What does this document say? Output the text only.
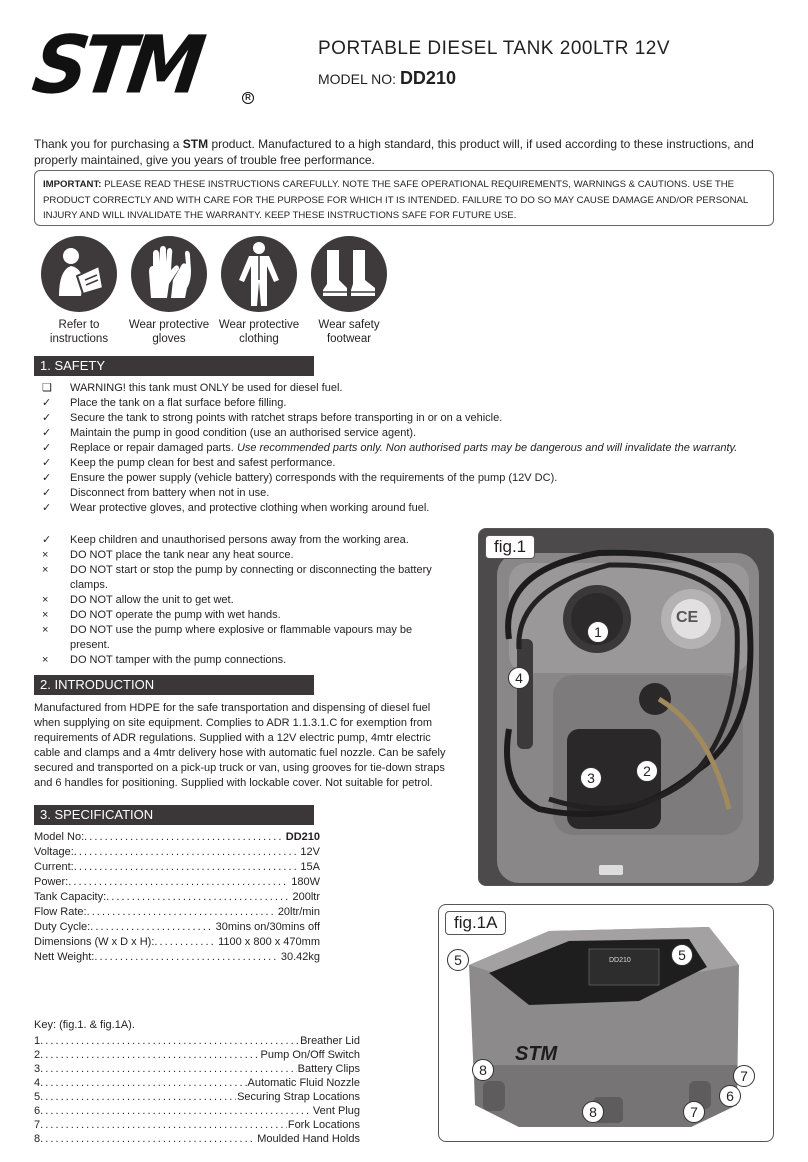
STM	R
PORTABLE DIESEL TANK 200LTR 12V
MODEL NO: DD210
Thank you for purchasing a STM product. Manufactured to a high standard, this product will, if used according to these instructions, and properly maintained, give you years of trouble free performance.
IMPORTANT: PLEASE READ THESE INSTRUCTIONS CAREFULLY. NOTE THE SAFE OPERATIONAL REQUIREMENTS, WARNINGS & CAUTIONS. USE THE PRODUCT CORRECTLY AND WITH CARE FOR THE PURPOSE FOR WHICH IT IS INTENDED. FAILURE TO DO SO MAY CAUSE DAMAGE AND/OR PERSONAL INJURY AND WILL INVALIDATE THE WARRANTY. KEEP THESE INSTRUCTIONS SAFE FOR FUTURE USE.
Refer to
instructions
Wear protective
gloves
Wear protective
clothing
Wear safety
footwear
1. SAFETY
❑ WARNING! this tank must ONLY be used for diesel fuel.
✓ Place the tank on a flat surface before filling.
✓ Secure the tank to strong points with ratchet straps before transporting in or on a vehicle.
✓ Maintain the pump in good condition (use an authorised service agent).
✓ Replace or repair damaged parts. Use recommended parts only. Non authorised parts may be dangerous and will invalidate the warranty.
✓ Keep the pump clean for best and safest performance.
✓ Ensure the power supply (vehicle battery) corresponds with the requirements of the pump (12V DC).
✓ Disconnect from battery when not in use.
✓ Wear protective gloves, and protective clothing when working around fuel.
✓ Keep children and unauthorised persons away from the working area.
× DO NOT place the tank near any heat source.
× DO NOT start or stop the pump by connecting or disconnecting the battery clamps.
× DO NOT allow the unit to get wet.
× DO NOT operate the pump with wet hands.
× DO NOT use the pump where explosive or flammable vapours may be present.
× DO NOT tamper with the pump connections.
2. INTRODUCTION
Manufactured from HDPE for the safe transportation and dispensing of diesel fuel when supplying on site equipment. Complies to ADR 1.1.3.1.C for exemption from requirements of ADR regulations. Supplied with a 12V electric pump, 4mtr electric cable and clamps and a 4mtr delivery hose with automatic fuel nozzle. Can be safely secured and transported on a pick-up truck or van, using grooves for tie-down straps and 6 handles for positioning. Supplied with lockable cover. Not suitable for petrol.
3. SPECIFICATION
Model No: . . .	DD210
Voltage: . . .	12V
Current: . . .	15A
Power: . . .	180W
Tank Capacity: . . .	200ltr
Flow Rate: . . .	20ltr/min
Duty Cycle: . . .	30mins on/30mins off
Dimensions (W x D x H): . . .	1100 x 800 x 470mm
Nett Weight: . . .	30.42kg
Key: (fig.1. & fig.1A).
1 . . .	Breather Lid
2 . . .	Pump On/Off Switch
3 . . .	Battery Clips
4 . . .	Automatic Fluid Nozzle
5 . . .	Securing Strap Locations
6 . . .	Vent Plug
7 . . .	Fork Locations
8 . . .	Moulded Hand Holds
fig.1
CE
1
2
3
4
fig.1A
STM
DD210
5	5
8
8
7
7
6
